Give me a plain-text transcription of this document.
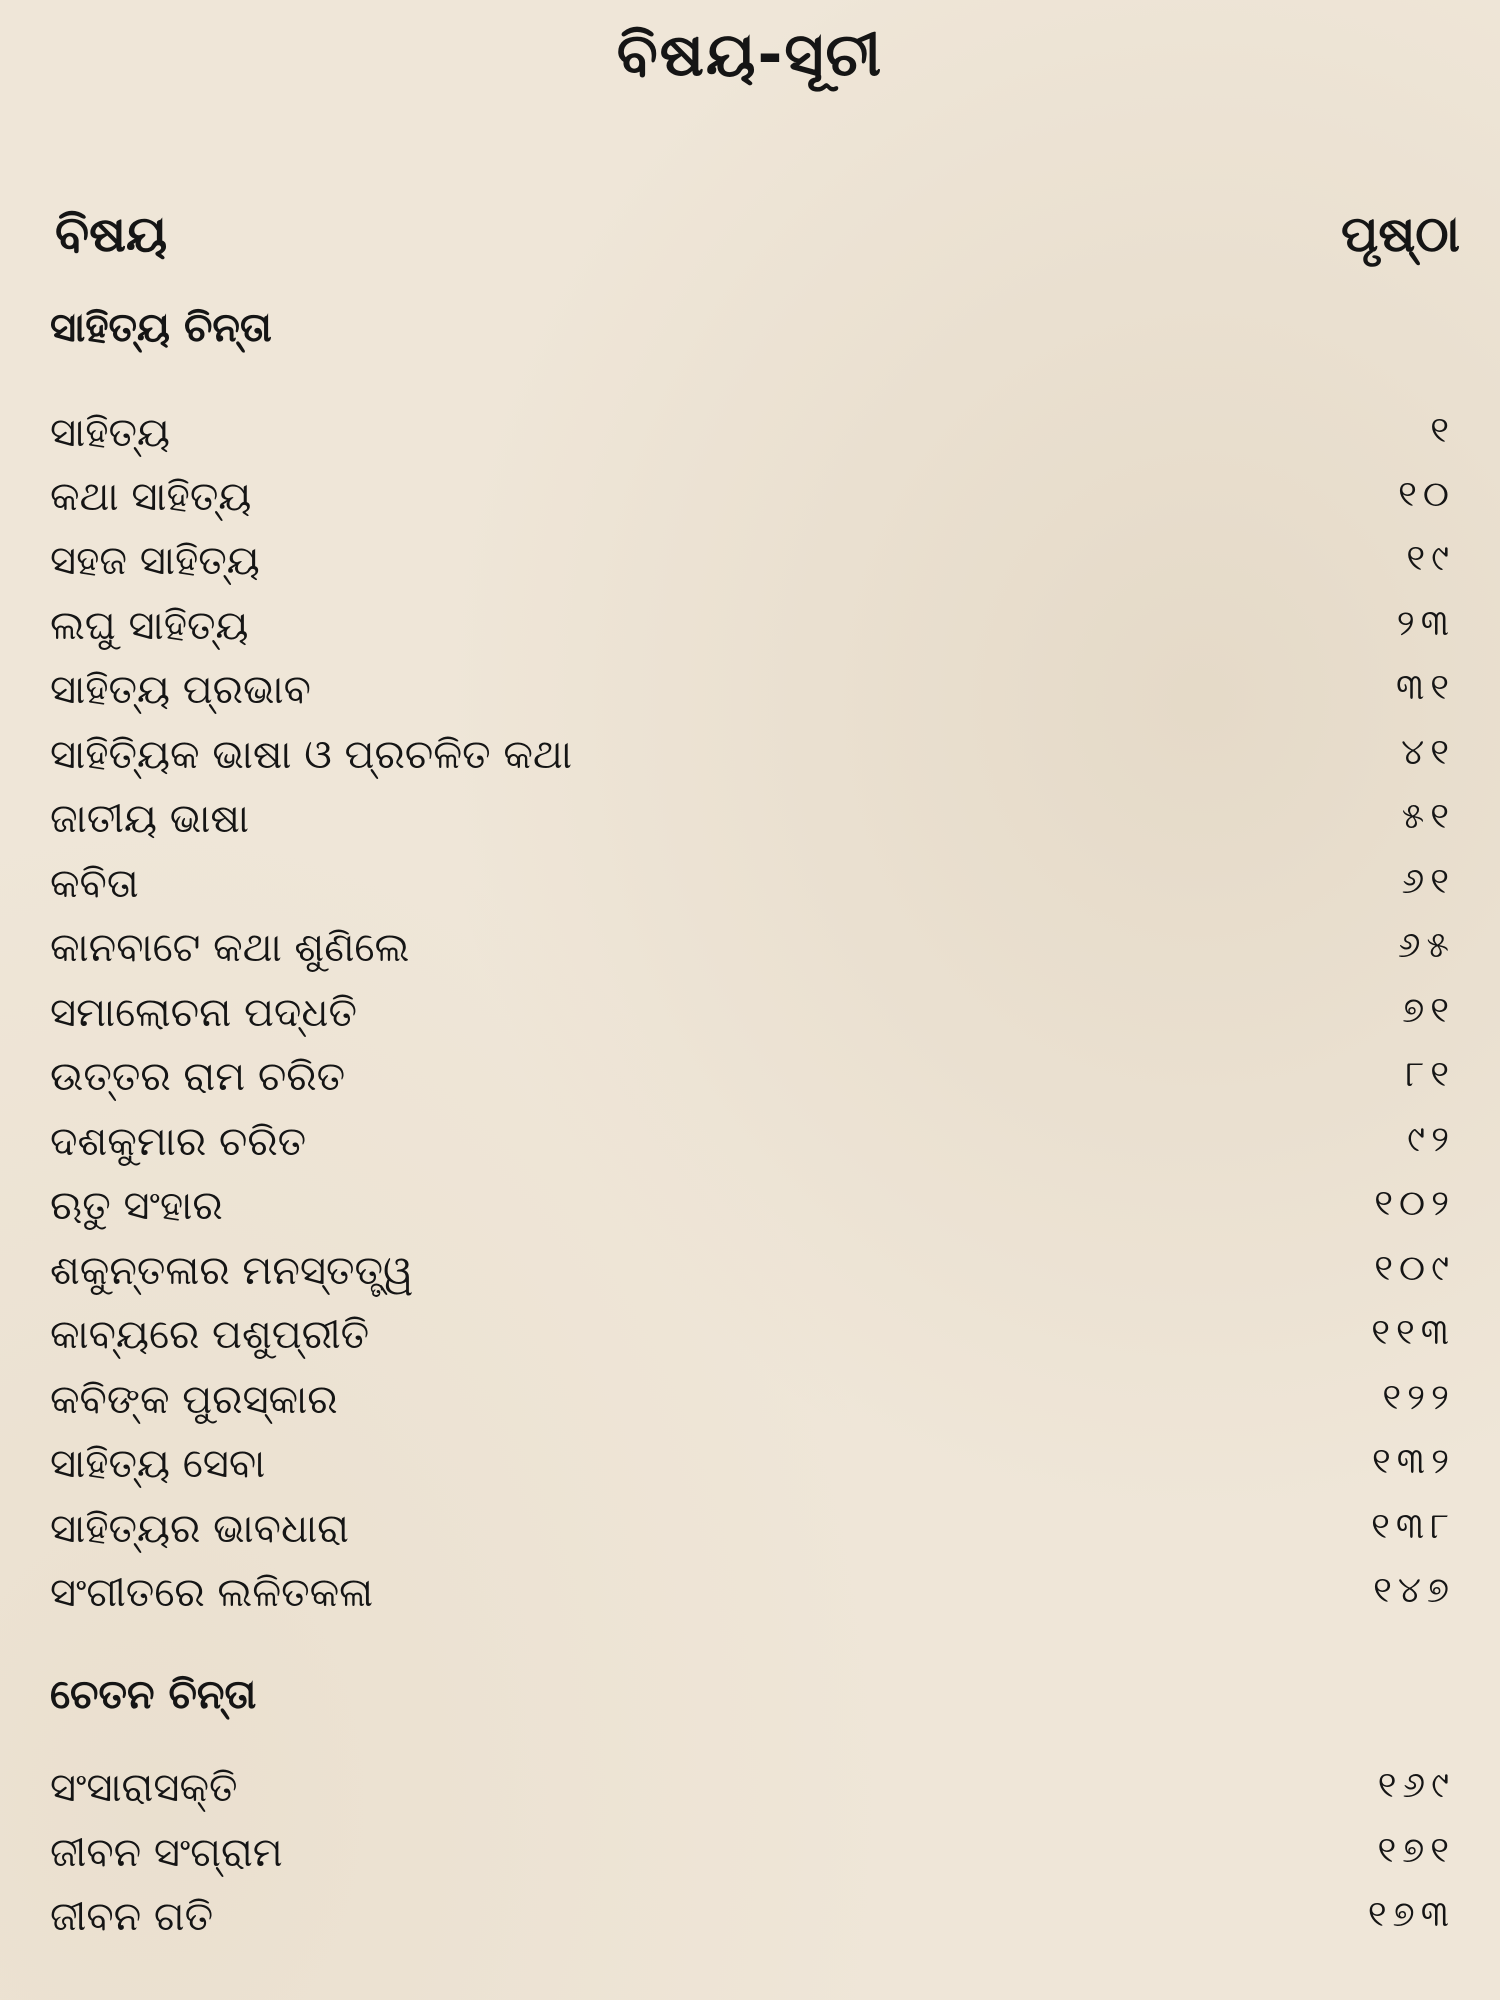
ବିଷୟ-ସୂଚୀ
ବିଷୟ	ପୃଷ୍ଠା
ସାହିତ୍ୟ ଚିନ୍ତା
ସାହିତ୍ୟ	୧
କଥା ସାହିତ୍ୟ	୧୦
ସହଜ ସାହିତ୍ୟ	୧୯
ଲଘୁ ସାହିତ୍ୟ	୨୩
ସାହିତ୍ୟ ପ୍ରଭାବ	୩୧
ସାହିତ୍ୟିକ ଭାଷା ଓ ପ୍ରଚଳିତ କଥା	୪୧
ଜାତୀୟ ଭାଷା	୫୧
କବିତା	୬୧
କାନବାଟେ କଥା ଶୁଣିଲେ	୬୫
ସମାଲୋଚନା ପଦ୍ଧତି	୭୧
ଉତ୍ତର ରାମ ଚରିତ	୮୧
ଦଶକୁମାର ଚରିତ	୯୨
ଋତୁ ସଂହାର	୧୦୨
ଶକୁନ୍ତଳାର ମନସ୍ତତ୍ତ୍ୱ	୧୦୯
କାବ୍ୟରେ ପଶୁପ୍ରୀତି	୧୧୩
କବିଙ୍କ ପୁରସ୍କାର	୧୨୨
ସାହିତ୍ୟ ସେବା	୧୩୨
ସାହିତ୍ୟର ଭାବଧାରା	୧୩୮
ସଂଗୀତରେ ଲଳିତକଳା	୧୪୭
ଚେତନ ଚିନ୍ତା
ସଂସାରାସକ୍ତି	୧୬୯
ଜୀବନ ସଂଗ୍ରାମ	୧୭୧
ଜୀବନ ଗତି	୧୭୩
